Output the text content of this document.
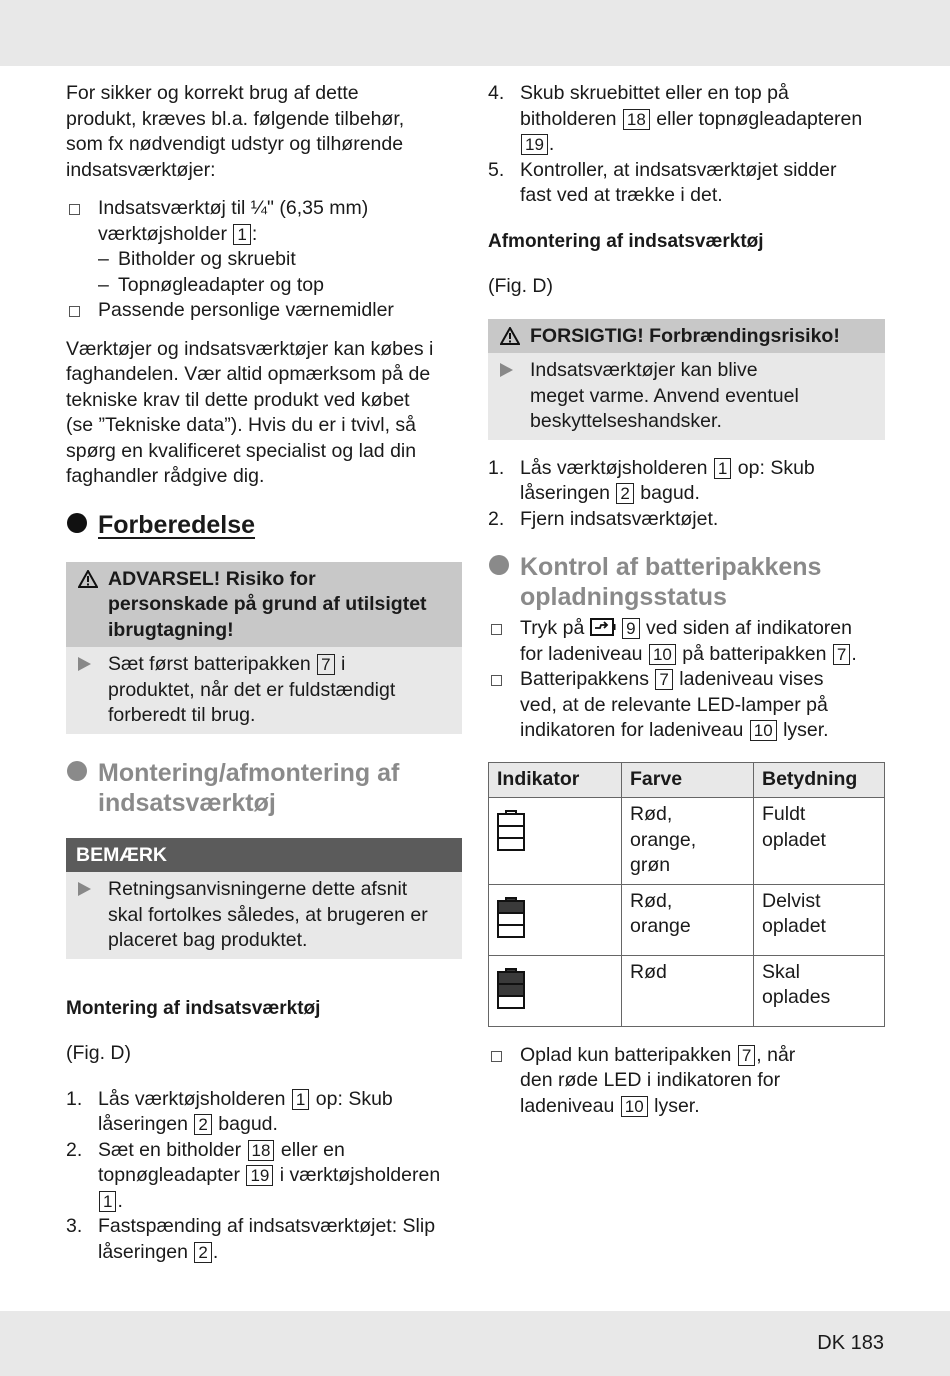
For sikker og korrekt brug af dette
produkt, kræves bl.a. følgende tilbehør,
som fx nødvendigt udstyr og tilhørende
indsatsværktøjer:

Indsatsværktøj til ¼" (6,35 mm)
værktøjsholder 1 :
– Bitholder og skruebit
– Topnøgleadapter og top
Passende personlige værnemidler

Værktøjer og indsatsværktøjer kan købes i
faghandelen. Vær altid opmærksom på de
tekniske krav til dette produkt ved købet
(se ”Tekniske data”). Hvis du er i tvivl, så
spørg en kvalificeret specialist og lad din
faghandler rådgive dig.

Forberedelse
ADVARSEL! Risiko for
personskade på grund af utilsigtet
ibrugtagning!
Sæt først batteripakken 7 i
produktet, når det er fuldstændigt
forberedt til brug.
Montering/afmontering af
indsatsværktøj
BEMÆRK
Retningsanvisningerne dette afsnit
skal fortolkes således, at brugeren er
placeret bag produktet.
Montering af indsatsværktøj

(Fig. D)

1. Lås værktøjsholderen 1 op: Skub
låseringen 2 bagud.
2. Sæt en bitholder 18 eller en
topnøgleadapter 19 i værktøjsholderen
1 .
3. Fastspænding af indsatsværktøjet: Slip
låseringen 2 .
4. Skub skruebittet eller en top på
bitholderen 18 eller topnøgleadapteren
19 .
5. Kontroller, at indsatsværktøjet sidder
fast ved at trække i det.
Afmontering af indsatsværktøj

(Fig. D)

FORSIGTIG! Forbrændingsrisiko!
Indsatsværktøjer kan blive
meget varme. Anvend eventuel
beskyttelseshandsker.
1. Lås værktøjsholderen 1 op: Skub
låseringen 2 bagud.
2. Fjern indsatsværktøjet.
Kontrol af batteripakkens
opladningsstatus
Tryk på 9 ved siden af indikatoren
for ladeniveau 10 på batteripakken 7 .
Batteripakkens 7 ladeniveau vises
ved, at de relevante LED-lamper på
indikatoren for ladeniveau 10 lyser.
Indikator	Farve	Betydning

	Rød,
orange,
grøn	Fuldt
opladet

	Rød,
orange	Delvist
opladet

	Rød	Skal
oplades
Oplad kun batteripakken 7 , når
den røde LED i indikatoren for
ladeniveau 10 lyser.
DK 183
